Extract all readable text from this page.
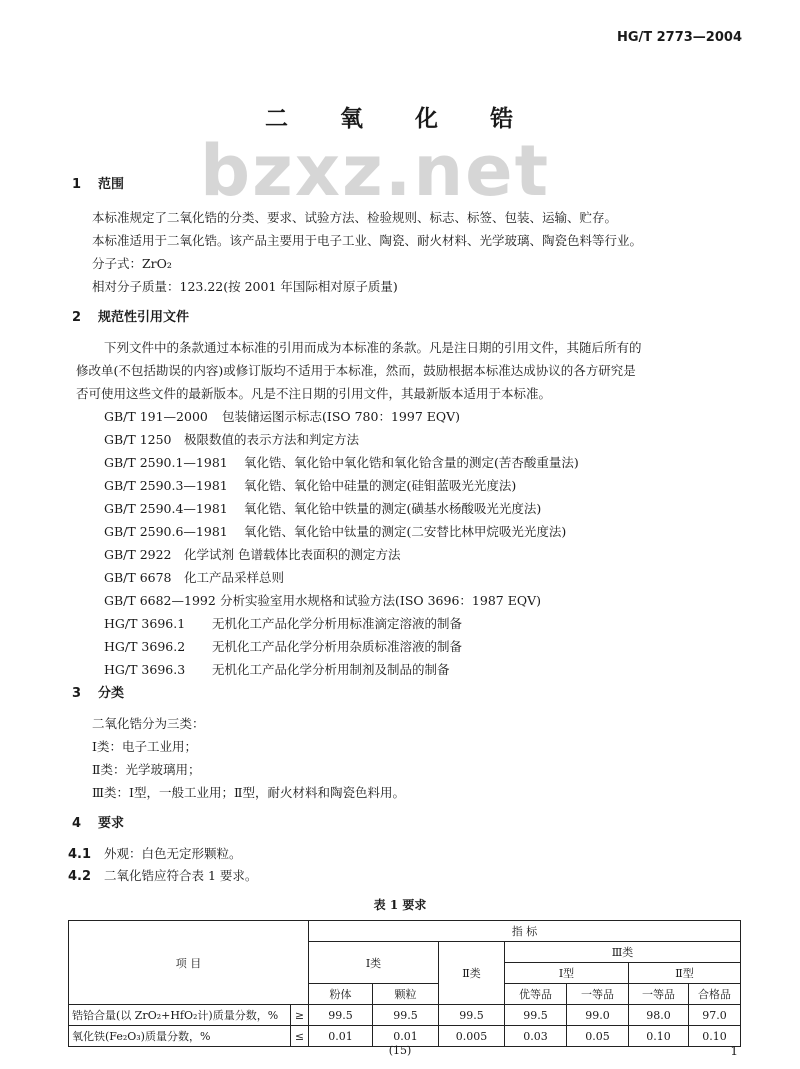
HG/T 2773—2004
bzxz.net
二 氧 化 锆
1 范围
本标准规定了二氧化锆的分类、要求、试验方法、检验规则、标志、标签、包装、运输、贮存。
本标准适用于二氧化锆。该产品主要用于电子工业、陶瓷、耐火材料、光学玻璃、陶瓷色料等行业。
分子式：ZrO₂
相对分子质量：123.22(按 2001 年国际相对原子质量)
2 规范性引用文件
下列文件中的条款通过本标准的引用而成为本标准的条款。凡是注日期的引用文件，其随后所有的
修改单(不包括勘误的内容)或修订版均不适用于本标准，然而，鼓励根据本标准达成协议的各方研究是
否可使用这些文件的最新版本。凡是不注日期的引用文件，其最新版本适用于本标准。
GB/T 191—2000 包装储运图示标志(ISO 780：1997 EQV)
GB/T 1250 极限数值的表示方法和判定方法
GB/T 2590.1—1981 氧化锆、氧化铪中氧化锆和氧化铪含量的测定(苦杏酸重量法)
GB/T 2590.3—1981 氧化锆、氧化铪中硅量的测定(硅钼蓝吸光光度法)
GB/T 2590.4—1981 氧化锆、氧化铪中铁量的测定(磺基水杨酸吸光光度法)
GB/T 2590.6—1981 氧化锆、氧化铪中钛量的测定(二安替比林甲烷吸光光度法)
GB/T 2922 化学试剂 色谱载体比表面积的测定方法
GB/T 6678 化工产品采样总则
GB/T 6682—1992 分析实验室用水规格和试验方法(ISO 3696：1987 EQV)
HG/T 3696.1 无机化工产品化学分析用标准滴定溶液的制备
HG/T 3696.2 无机化工产品化学分析用杂质标准溶液的制备
HG/T 3696.3 无机化工产品化学分析用制剂及制品的制备
3 分类
二氧化锆分为三类：
Ⅰ类：电子工业用；
Ⅱ类：光学玻璃用；
Ⅲ类：Ⅰ型，一般工业用；Ⅱ型，耐火材料和陶瓷色料用。
4 要求
4.1 外观：白色无定形颗粒。
4.2 二氧化锆应符合表 1 要求。
表 1 要求
项 目		指 标						
		Ⅰ类		Ⅱ类	Ⅲ类			
					Ⅰ型		Ⅱ型	
		粉体	颗粒		优等品	一等品	一等品	合格品
锆铪合量(以 ZrO₂+HfO₂计)质量分数，%	≥	99.5	99.5	99.5	99.5	99.0	98.0	97.0
氧化铁(Fe₂O₃)质量分数，%	≤	0.01	0.01	0.005	0.03	0.05	0.10	0.10
(15)	1
